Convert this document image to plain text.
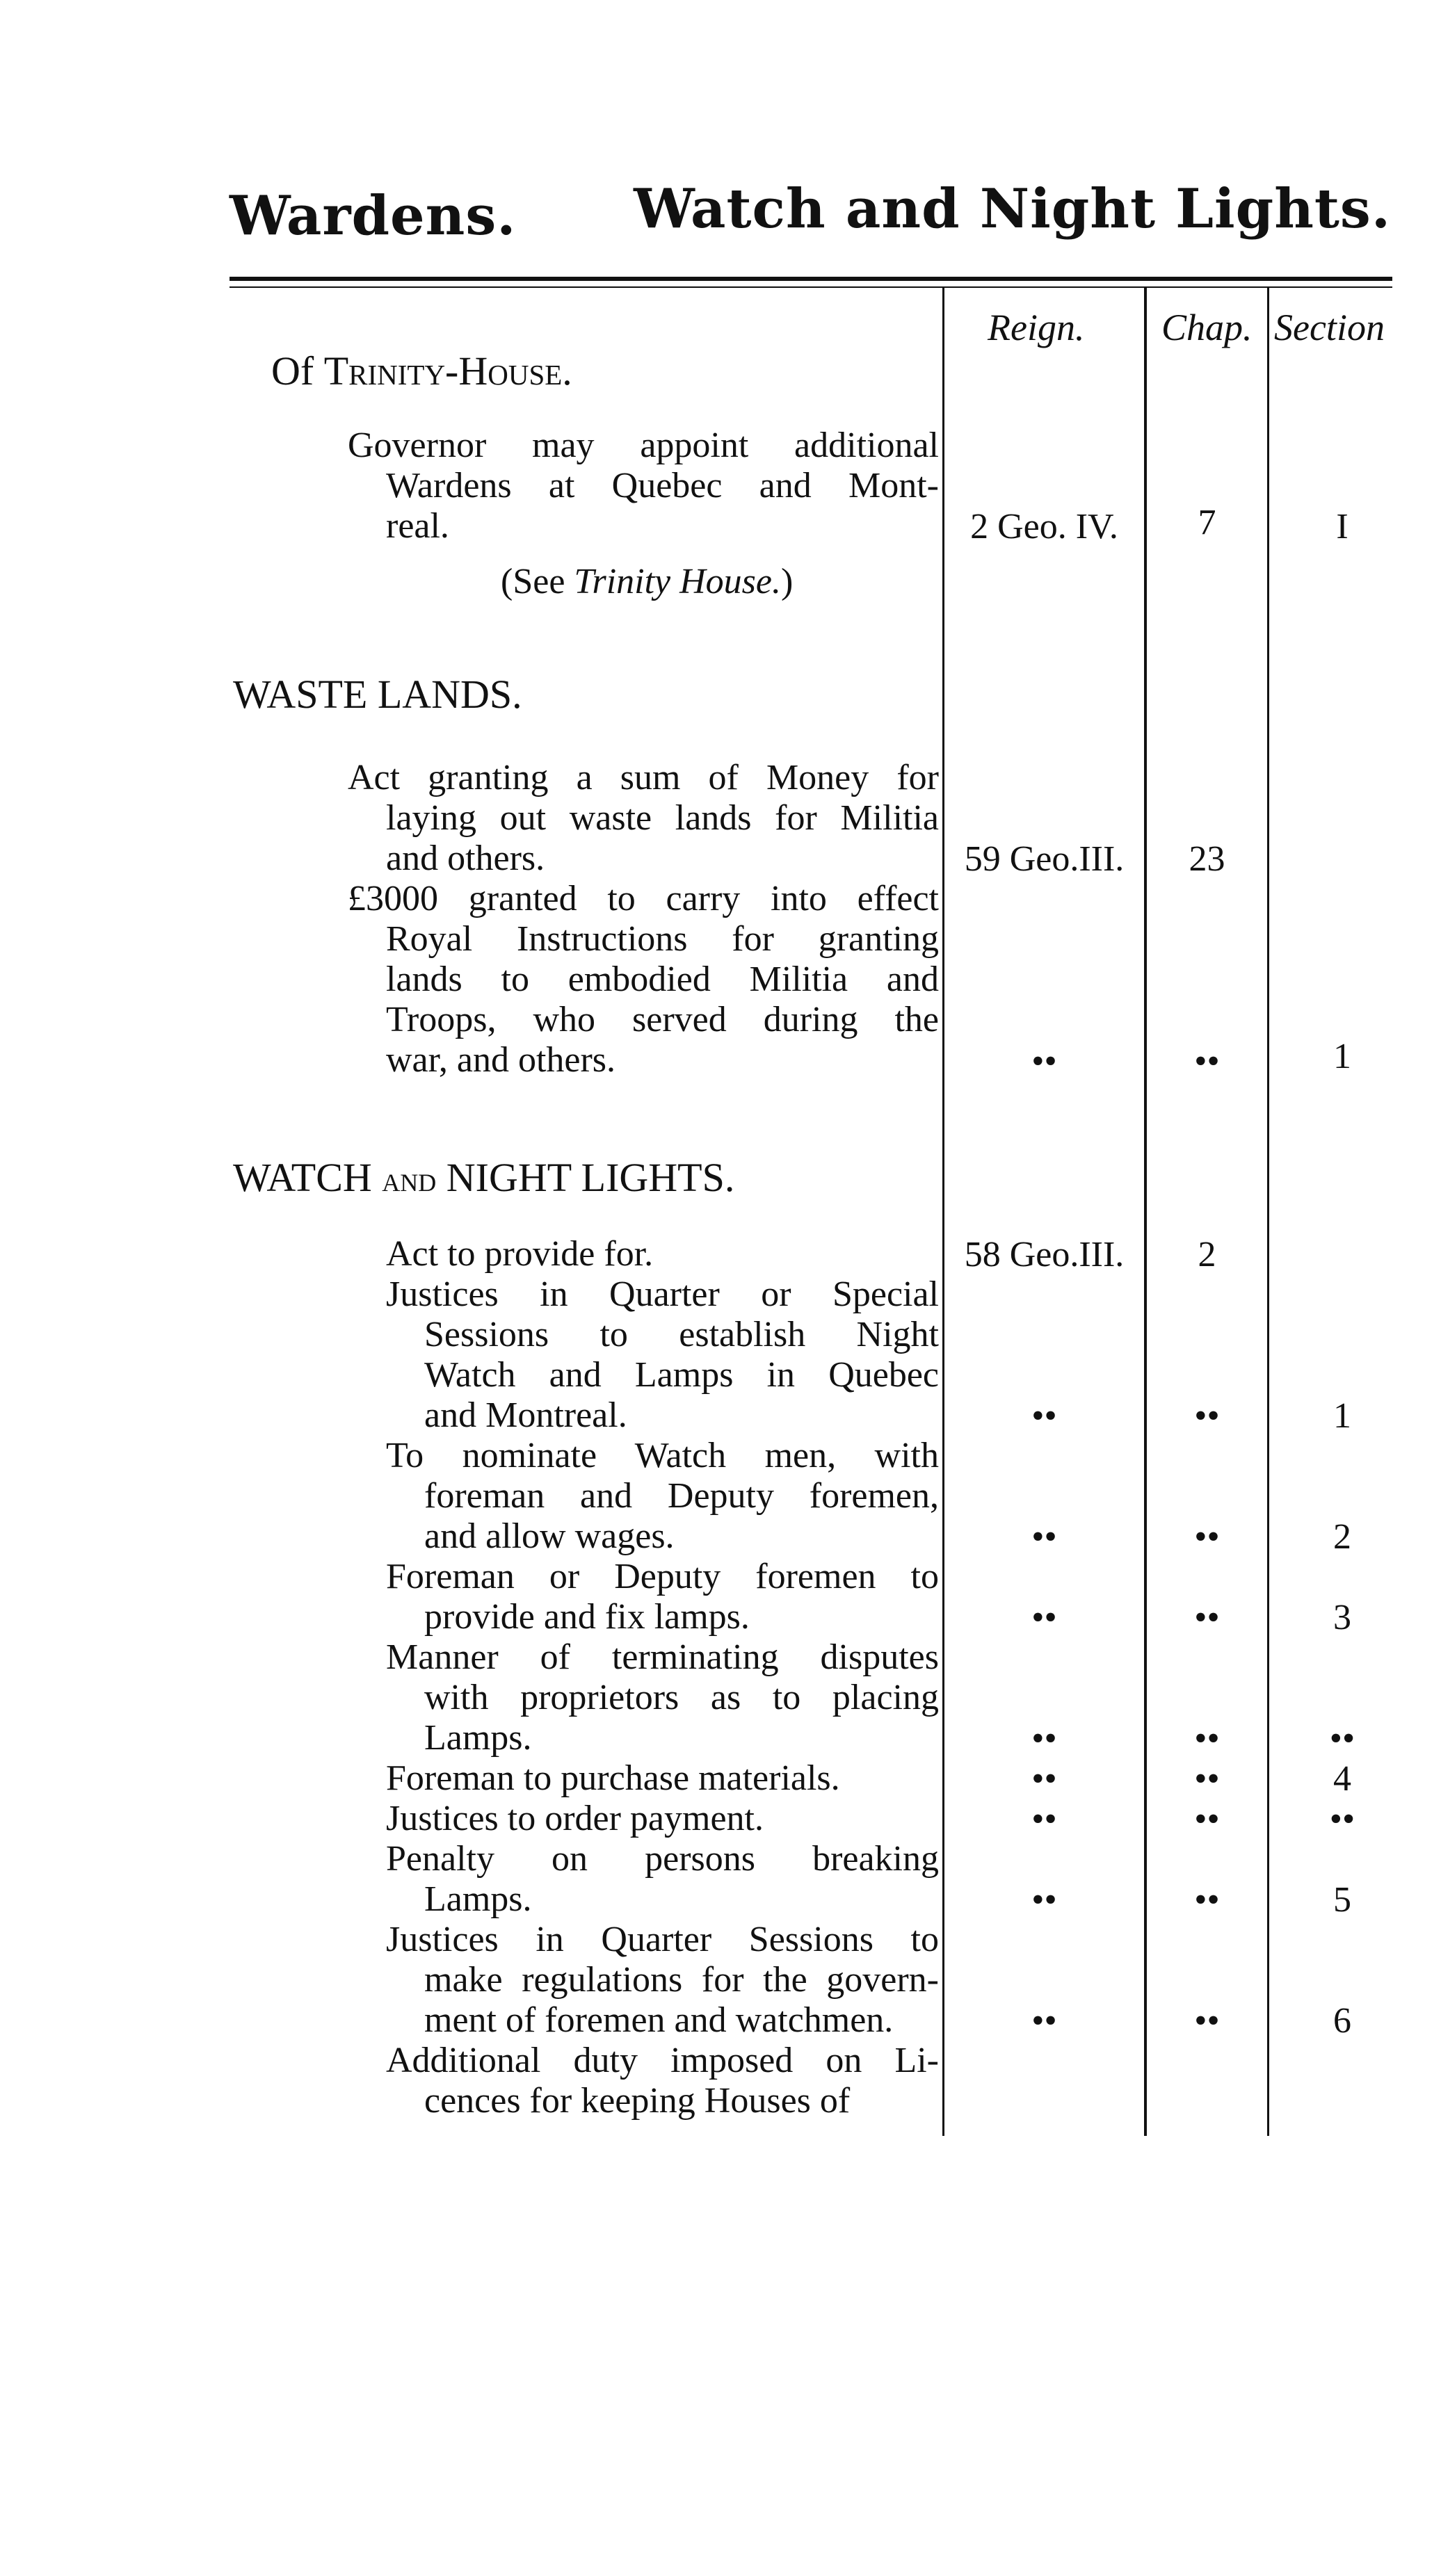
Wardens. Watch and Night Lights.
Reign. Chap. Section
Of Trinity-House.
Governor may appoint additional
Wardens at Quebec and Mont-
real.
(See Trinity House.)
2 Geo. IV.	7	I
WASTE LANDS.
Act granting a sum of Money for
laying out waste lands for Militia
and others.	59 Geo.III.	23
£3000 granted to carry into effect
Royal Instructions for granting
lands to embodied Militia and
Troops, who served during the
war, and others.	••	••	1
WATCH AND NIGHT LIGHTS.
Act to provide for.	58 Geo.III.	2
Justices in Quarter or Special
Sessions to establish Night
Watch and Lamps in Quebec
and Montreal.	••	••	1
To nominate Watch men, with
foreman and Deputy foremen,
and allow wages.	••	••	2
Foreman or Deputy foremen to
provide and fix lamps.	••	••	3
Manner of terminating disputes
with proprietors as to placing
Lamps.	••	••	••
Foreman to purchase materials.	••	••	4
Justices to order payment.	••	••	••
Penalty on persons breaking
Lamps.	••	••	5
Justices in Quarter Sessions to
make regulations for the govern-
ment of foremen and watchmen.	••	••	6
Additional duty imposed on Li-
cences for keeping Houses of
